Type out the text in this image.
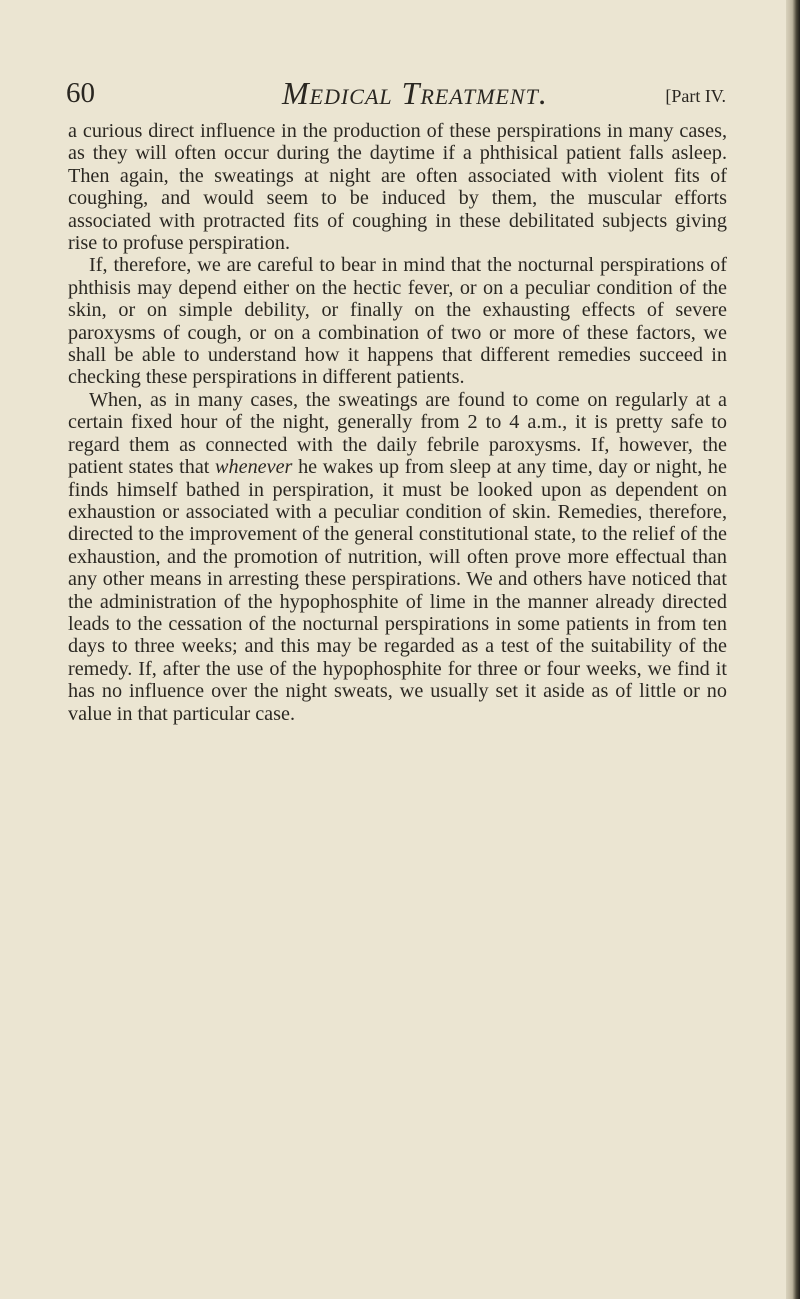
60	Medical Treatment.	[Part IV.

a curious direct influence in the production of these perspirations in many cases, as they will often occur during the daytime if a phthisical patient falls asleep. Then again, the sweatings at night are often associated with violent fits of coughing, and would seem to be induced by them, the muscular efforts associated with protracted fits of coughing in these debilitated subjects giving rise to profuse perspiration.

If, therefore, we are careful to bear in mind that the nocturnal perspirations of phthisis may depend either on the hectic fever, or on a peculiar condition of the skin, or on simple debility, or finally on the exhausting effects of severe paroxysms of cough, or on a combination of two or more of these factors, we shall be able to understand how it happens that different remedies succeed in checking these perspirations in different patients.

When, as in many cases, the sweatings are found to come on regularly at a certain fixed hour of the night, generally from 2 to 4 a.m., it is pretty safe to regard them as connected with the daily febrile paroxysms. If, however, the patient states that whenever he wakes up from sleep at any time, day or night, he finds himself bathed in perspiration, it must be looked upon as dependent on exhaustion or associated with a peculiar condition of skin. Remedies, therefore, directed to the improvement of the general constitutional state, to the relief of the exhaustion, and the promotion of nutrition, will often prove more effectual than any other means in arresting these perspirations. We and others have noticed that the administration of the hypophosphite of lime in the manner already directed leads to the cessation of the nocturnal perspirations in some patients in from ten days to three weeks; and this may be regarded as a test of the suitability of the remedy. If, after the use of the hypophosphite for three or four weeks, we find it has no influence over the night sweats, we usually set it aside as of little or no value in that particular case.
